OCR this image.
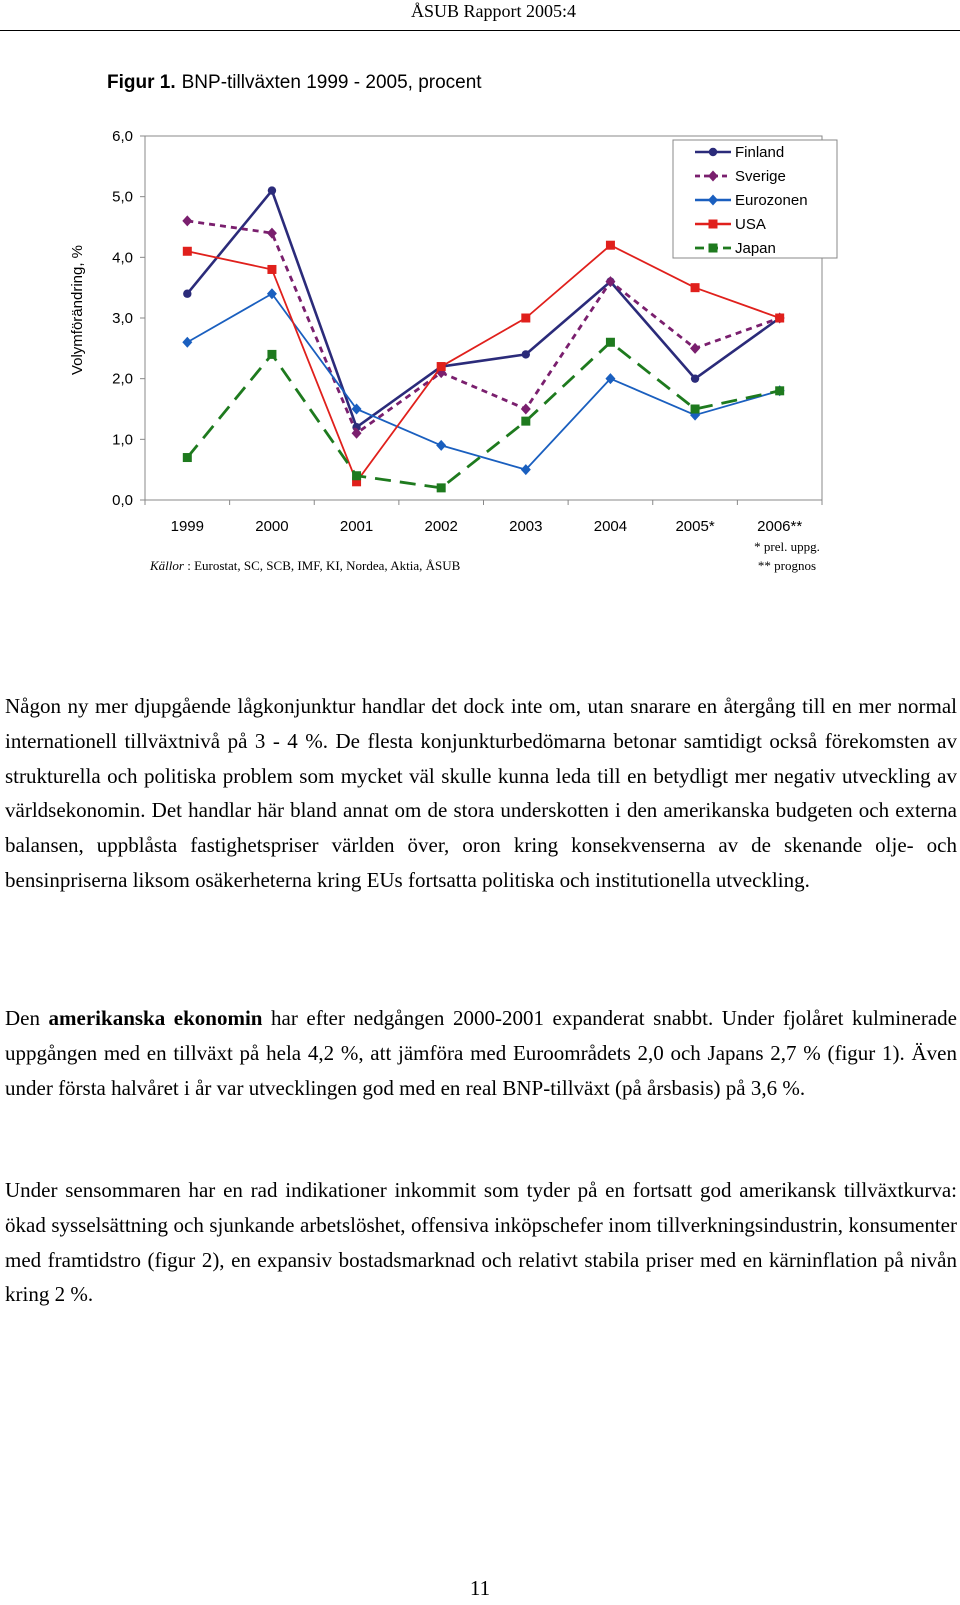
ÅSUB Rapport 2005:4
Figur 1. BNP-tillväxten 1999 - 2005, procent
0,0
1,0
2,0
3,0
4,0
5,0
6,0
1999	2000	2001	2002	2003	2004	2005*	2006**
Finland
Sverige
Eurozonen
USA
Japan
Volymförändring, %
Källor : Eurostat, SC, SCB, IMF, KI, Nordea, Aktia, ÅSUB
* prel. uppg.
** prognos

Någon ny mer djupgående lågkonjunktur handlar det dock inte om, utan snarare en återgång till en mer normal internationell tillväxtnivå på 3 - 4 %. De flesta konjunkturbedömarna betonar samtidigt också förekomsten av strukturella och politiska problem som mycket väl skulle kunna leda till en betydligt mer negativ utveckling av världsekonomin. Det handlar här bland annat om de stora underskotten i den amerikanska budgeten och externa balansen, uppblåsta fastighetspriser världen över, oron kring konsekvenserna av de skenande olje- och bensinpriserna liksom osäkerheterna kring EUs fortsatta politiska och institutionella utveckling.

Den amerikanska ekonomin har efter nedgången 2000-2001 expanderat snabbt. Under fjolåret kulminerade uppgången med en tillväxt på hela 4,2 %, att jämföra med Euroområdets 2,0 och Japans 2,7 % (figur 1). Även under första halvåret i år var utvecklingen god med en real BNP-tillväxt (på årsbasis) på 3,6 %.

Under sensommaren har en rad indikationer inkommit som tyder på en fortsatt god amerikansk tillväxtkurva: ökad sysselsättning och sjunkande arbetslöshet, offensiva inköpschefer inom tillverkningsindustrin, konsumenter med framtidstro (figur 2), en expansiv bostadsmarknad och relativt stabila priser med en kärninflation på nivån kring 2 %.

11
